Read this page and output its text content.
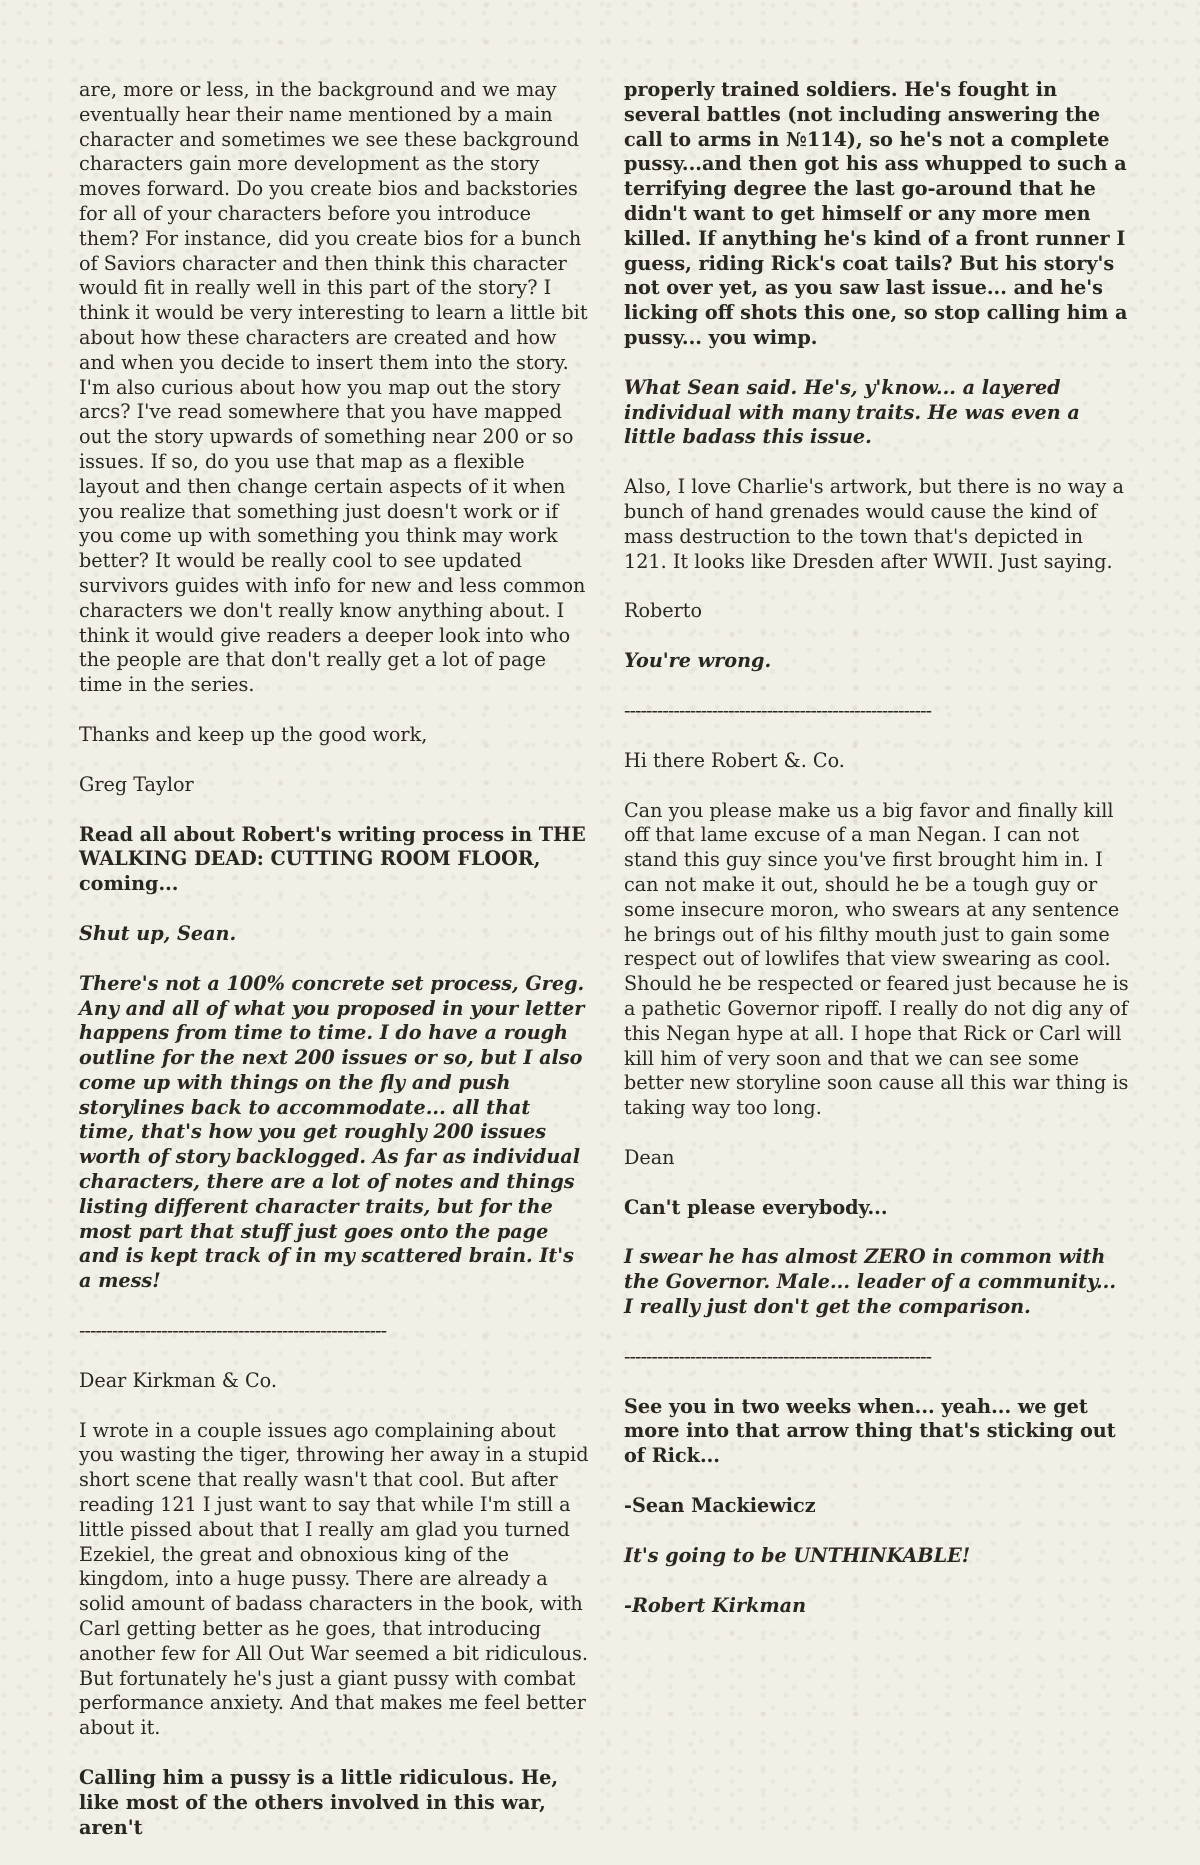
are, more or less, in the background and we may eventually hear their name mentioned by a main character and sometimes we see these background characters gain more development as the story moves forward. Do you create bios and backstories for all of your characters before you introduce them? For instance, did you create bios for a bunch of Saviors character and then think this character would fit in really well in this part of the story? I think it would be very interesting to learn a little bit about how these characters are created and how and when you decide to insert them into the story. I'm also curious about how you map out the story arcs? I've read somewhere that you have mapped out the story upwards of something near 200 or so issues. If so, do you use that map as a flexible layout and then change certain aspects of it when you realize that something just doesn't work or if you come up with something you think may work better? It would be really cool to see updated survivors guides with info for new and less common characters we don't really know anything about. I think it would give readers a deeper look into who the people are that don't really get a lot of page time in the series.

Thanks and keep up the good work,

Greg Taylor

Read all about Robert's writing process in THE WALKING DEAD: CUTTING ROOM FLOOR, coming...

Shut up, Sean.

There's not a 100% concrete set process, Greg. Any and all of what you proposed in your letter happens from time to time. I do have a rough outline for the next 200 issues or so, but I also come up with things on the fly and push storylines back to accommodate... all that time, that's how you get roughly 200 issues worth of story backlogged. As far as individual characters, there are a lot of notes and things listing different character traits, but for the most part that stuff just goes onto the page and is kept track of in my scattered brain. It's a mess!

--------------------------------------------------------

Dear Kirkman & Co.

I wrote in a couple issues ago complaining about you wasting the tiger, throwing her away in a stupid short scene that really wasn't that cool. But after reading 121 I just want to say that while I'm still a little pissed about that I really am glad you turned Ezekiel, the great and obnoxious king of the kingdom, into a huge pussy. There are already a solid amount of badass characters in the book, with Carl getting better as he goes, that introducing another few for All Out War seemed a bit ridiculous. But fortunately he's just a giant pussy with combat performance anxiety. And that makes me feel better about it.

Calling him a pussy is a little ridiculous. He, like most of the others involved in this war, aren't

properly trained soldiers. He's fought in several battles (not including answering the call to arms in №114), so he's not a complete pussy...and then got his ass whupped to such a terrifying degree the last go-around that he didn't want to get himself or any more men killed. If anything he's kind of a front runner I guess, riding Rick's coat tails? But his story's not over yet, as you saw last issue... and he's licking off shots this one, so stop calling him a pussy... you wimp.

What Sean said. He's, y'know... a layered individual with many traits. He was even a little badass this issue.

Also, I love Charlie's artwork, but there is no way a bunch of hand grenades would cause the kind of mass destruction to the town that's depicted in 121. It looks like Dresden after WWII. Just saying.

Roberto

You're wrong.

--------------------------------------------------------

Hi there Robert &. Co.

Can you please make us a big favor and finally kill off that lame excuse of a man Negan. I can not stand this guy since you've first brought him in. I can not make it out, should he be a tough guy or some insecure moron, who swears at any sentence he brings out of his filthy mouth just to gain some respect out of lowlifes that view swearing as cool. Should he be respected or feared just because he is a pathetic Governor ripoff. I really do not dig any of this Negan hype at all. I hope that Rick or Carl will kill him of very soon and that we can see some better new storyline soon cause all this war thing is taking way too long.

Dean

Can't please everybody...

I swear he has almost ZERO in common with the Governor. Male... leader of a community... I really just don't get the comparison.

--------------------------------------------------------

See you in two weeks when... yeah... we get more into that arrow thing that's sticking out of Rick...

-Sean Mackiewicz

It's going to be UNTHINKABLE!

-Robert Kirkman
